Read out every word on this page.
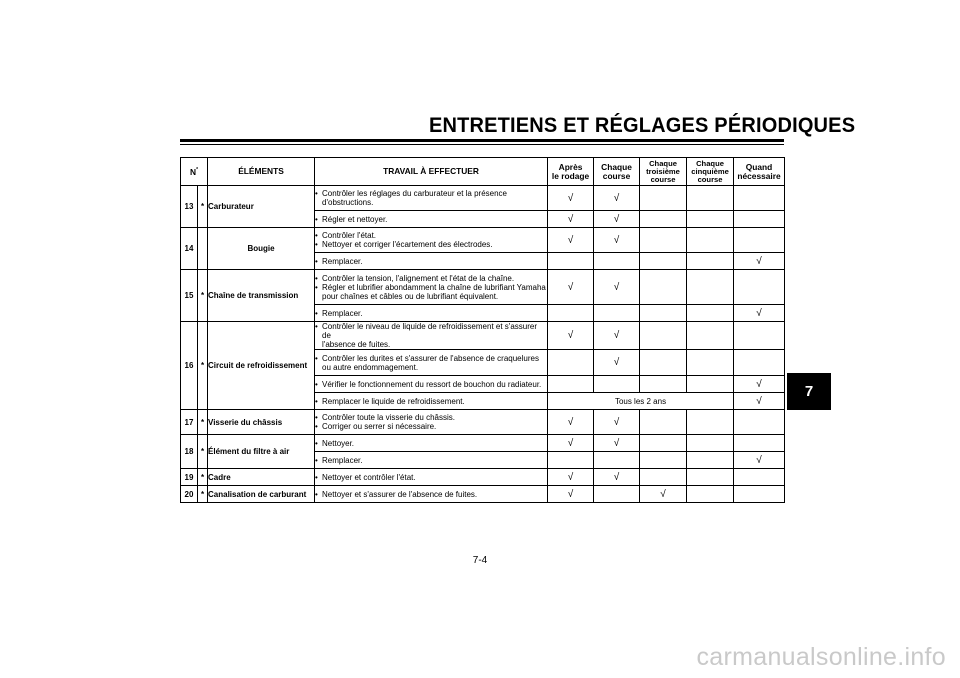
ENTRETIENS ET RÉGLAGES PÉRIODIQUES
N*		ÉLÉMENTS	TRAVAIL À EFFECTUER	Après
le rodage	Chaque
course	Chaque
troisième
course	Chaque
cinquième
course	Quand
nécessaire

13	*	Carburateur	• Contrôler les réglages du carburateur et la présence
d'obstructions.	√	√			

			• Régler et nettoyer.	√	√			
14		Bougie	• Contrôler l'état.
• Nettoyer et corriger l'écartement des électrodes.	√	√			

			• Remplacer.					√
15	*	Chaîne de transmission	• Contrôler la tension, l'alignement et l'état de la chaîne.
• Régler et lubrifier abondamment la chaîne de lubrifiant Yamaha
pour chaînes et câbles ou de lubrifiant équivalent.	√	√			

			• Remplacer.					√
16	*	Circuit de refroidissement	• Contrôler le niveau de liquide de refroidissement et s'assurer de
l'absence de fuites.	√	√			

			• Contrôler les durites et s'assurer de l'absence de craquelures
ou autre endommagement.		√			

			• Vérifier le fonctionnement du ressort de bouchon du radiateur.					√

			• Remplacer le liquide de refroidissement.	Tous les 2 ans				√
17	*	Visserie du châssis	• Contrôler toute la visserie du châssis.
• Corriger ou serrer si nécessaire.	√	√			
18	*	Élément du filtre à air	• Nettoyer.	√	√			

			• Remplacer.					√
19	*	Cadre	• Nettoyer et contrôler l'état.	√	√			
20	*	Canalisation de carburant	• Nettoyer et s'assurer de l'absence de fuites.	√		√		
7
7-4
carmanualsonline.info
